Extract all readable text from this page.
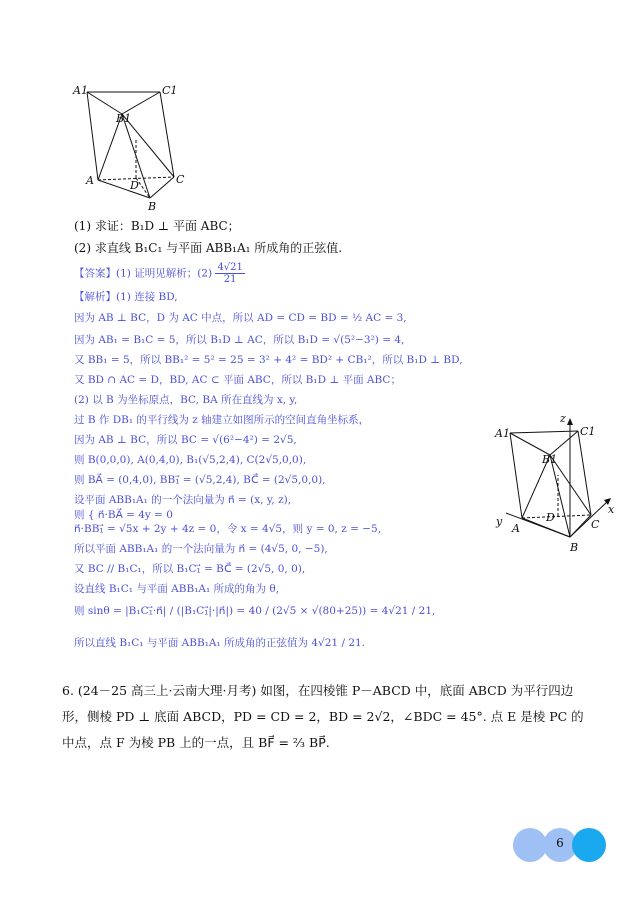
A1	C1
B1
A	D	C
B
(1) 求证：B₁D ⊥ 平面 ABC；
(2) 求直线 B₁C₁ 与平面 ABB₁A₁ 所成角的正弦值.
【答案】(1) 证明见解析；$(2) \frac{4√21}{21}$
【解析】(1) 连接 BD,
因为 AB ⊥ BC，D 为 AC 中点，所以 AD = CD = BD = ½ AC = 3,
因为 AB₁ = B₁C = 5，所以 B₁D ⊥ AC，所以 B₁D = √(5²−3²) = 4,
又 BB₁ = 5，所以 BB₁² = 5² = 25 = 3² + 4² = BD² + CB₁²，所以 B₁D ⊥ BD,
又 BD ∩ AC = D，BD, AC ⊂ 平面 ABC，所以 B₁D ⊥ 平面 ABC；
(2) 以 B 为坐标原点，BC, BA 所在直线为 x, y,
过 B 作 DB₁ 的平行线为 z 轴建立如图所示的空间直角坐标系，
因为 AB ⊥ BC，所以 BC = √(6²−4²) = 2√5,
则 B(0,0,0), A(0,4,0), B₁(√5,2,4), C(2√5,0,0),
则 BA⃗ = (0,4,0), BB₁⃗ = (√5,2,4), BC⃗ = (2√5,0,0),
设平面 ABB₁A₁ 的一个法向量为 n⃗ = (x, y, z),
则 { n⃗·BA⃗ = 4y = 0
n⃗·BB₁⃗ = √5x + 2y + 4z = 0，令 x = 4√5，则 y = 0, z = −5,
所以平面 ABB₁A₁ 的一个法向量为 n⃗ = (4√5, 0, −5),
又 BC // B₁C₁，所以 B₁C₁⃗ = BC⃗ = (2√5, 0, 0),
设直线 B₁C₁ 与平面 ABB₁A₁ 所成的角为 θ,
则 sinθ = |B₁C₁⃗·n⃗| / (|B₁C₁⃗|·|n⃗|) = 40 / (2√5 × √(80+25)) = 4√21 / 21,
所以直线 B₁C₁ 与平面 ABB₁A₁ 所成角的正弦值为 4√21 / 21.
z
A1	C1
B1
D
A	C
B
x
y
6. (24－25 高三上·云南大理·月考) 如图，在四棱锥 P－ABCD 中，底面 ABCD 为平行四边形，侧棱 PD ⊥ 底面 ABCD，PD = CD = 2，BD = 2√2，∠BDC = 45°. 点 E 是棱 PC 的中点，点 F 为棱 PB 上的一点，且 BF⃗ = ⅔ BP⃗.
6
